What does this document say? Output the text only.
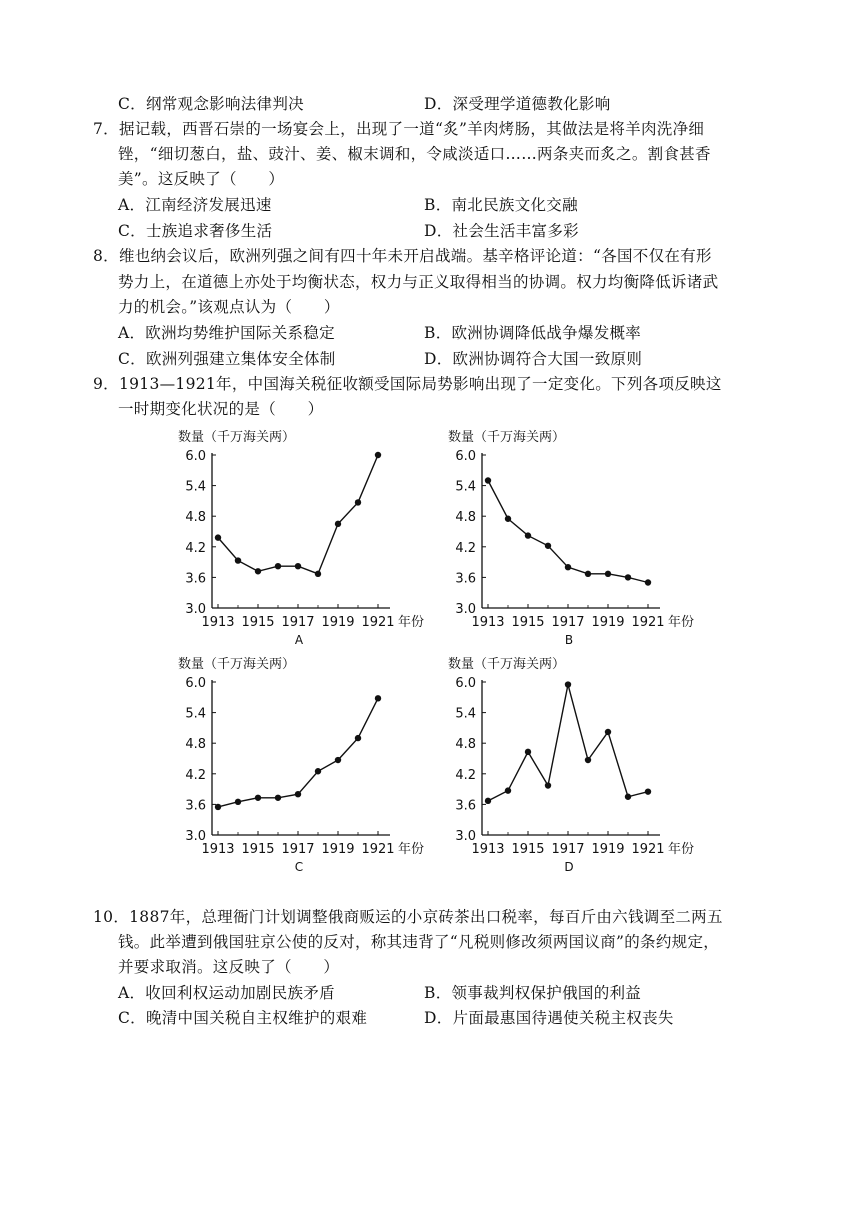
C．纲常观念影响法律判决	D．深受理学道德教化影响
7．据记载，西晋石崇的一场宴会上，出现了一道“炙”羊肉烤肠，其做法是将羊肉洗净细
锉，“细切葱白，盐、豉汁、姜、椒末调和，令咸淡适口……两条夹而炙之。割食甚香
美”。这反映了（　　）
A．江南经济发展迅速	B．南北民族文化交融
C．士族追求奢侈生活	D．社会生活丰富多彩
8．维也纳会议后，欧洲列强之间有四十年未开启战端。基辛格评论道：“各国不仅在有形
势力上，在道德上亦处于均衡状态，权力与正义取得相当的协调。权力均衡降低诉诸武
力的机会。”该观点认为（　　）
A．欧洲均势维护国际关系稳定	B．欧洲协调降低战争爆发概率
C．欧洲列强建立集体安全体制	D．欧洲协调符合大国一致原则
9．1913—1921年，中国海关税征收额受国际局势影响出现了一定变化。下列各项反映这
一时期变化状况的是（　　）
数量（千万海关两）
6.0
5.4
4.8
4.2
3.6
3.0
1913 1915 1917 1919 1921 年份
A
数量（千万海关两）
6.0
5.4
4.8
4.2
3.6
3.0
1913 1915 1917 1919 1921 年份
B
数量（千万海关两）
6.0
5.4
4.8
4.2
3.6
3.0
1913 1915 1917 1919 1921 年份
C
数量（千万海关两）
6.0
5.4
4.8
4.2
3.6
3.0
1913 1915 1917 1919 1921 年份
D
10．1887年，总理衙门计划调整俄商贩运的小京砖茶出口税率，每百斤由六钱调至二两五
钱。此举遭到俄国驻京公使的反对，称其违背了“凡税则修改须两国议商”的条约规定，
并要求取消。这反映了（　　）
A．收回利权运动加剧民族矛盾	B．领事裁判权保护俄国的利益
C．晚清中国关税自主权维护的艰难	D．片面最惠国待遇使关税主权丧失
